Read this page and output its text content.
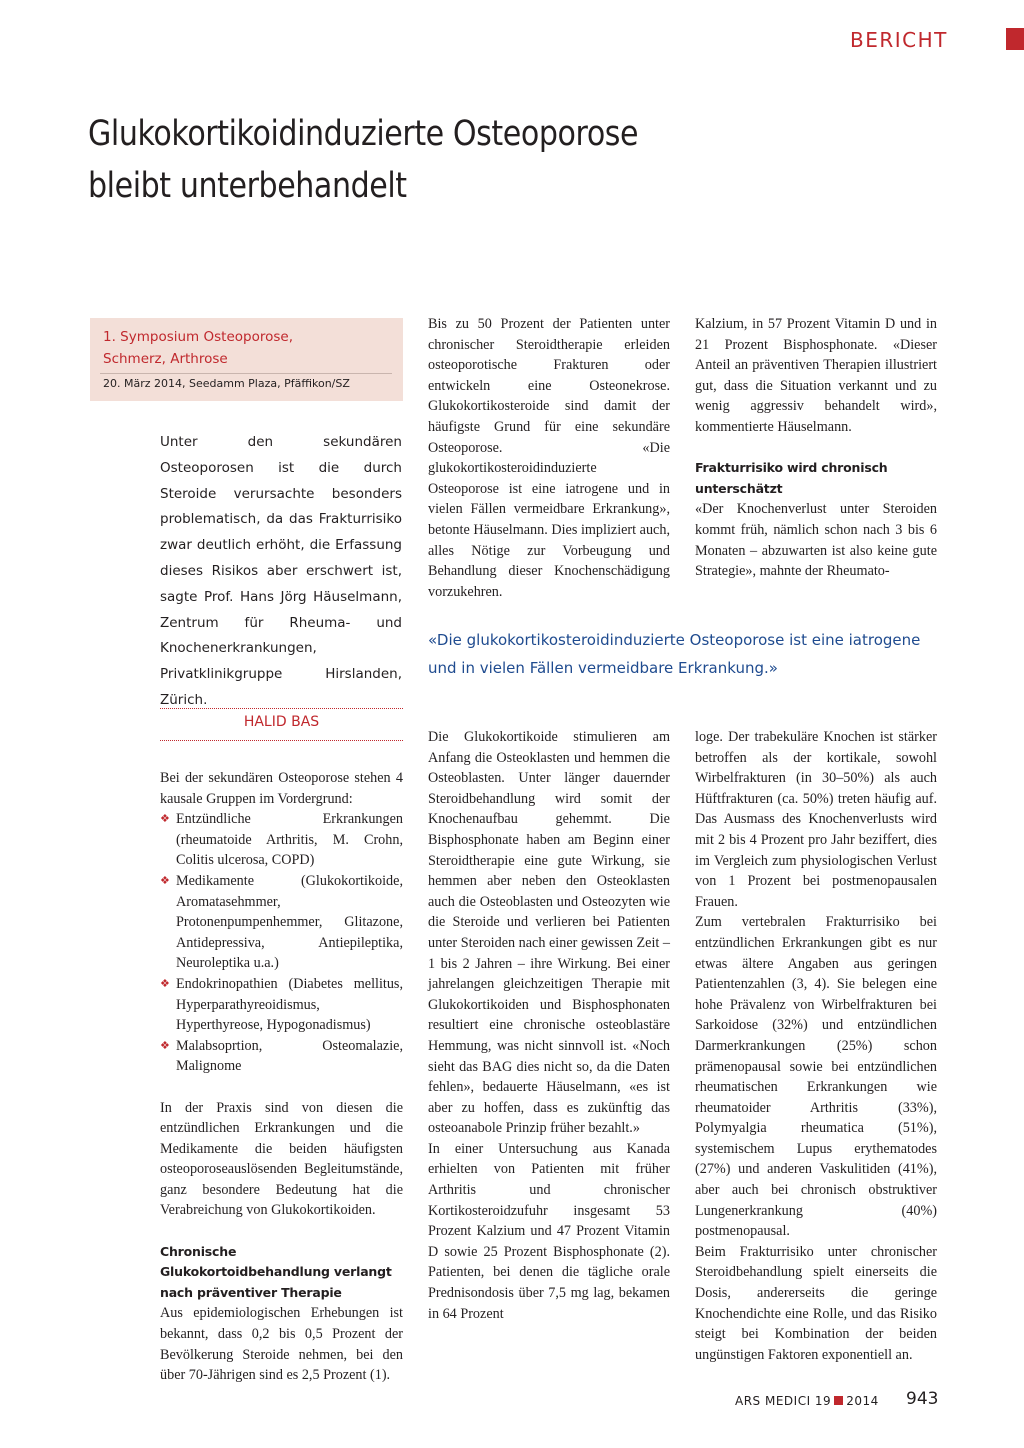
BERICHT
Glukokortikoidinduzierte Osteoporose
bleibt unterbehandelt
1. Symposium Osteoporose, Schmerz, Arthrose
20. März 2014, Seedamm Plaza, Pfäffikon/SZ
Unter den sekundären Osteoporosen ist die durch Steroide verursachte besonders problematisch, da das Frakturrisiko zwar deutlich erhöht, die Erfassung dieses Risikos aber erschwert ist, sagte Prof. Hans Jörg Häuselmann, Zentrum für Rheuma- und Knochenerkrankungen, Privatklinikgruppe Hirslanden, Zürich.
HALID BAS

Bei der sekundären Osteoporose stehen 4 kausale Gruppen im Vordergrund:

❖ Entzündliche Erkrankungen (rheumatoide Arthritis, M. Crohn, Colitis ulcerosa, COPD)
❖ Medikamente (Glukokortikoide, Aromatasehmmer, Protonenpumpenhemmer, Glitazone, Antidepressiva, Antiepileptika, Neuroleptika u.a.)
❖ Endokrinopathien (Diabetes mellitus, Hyperparathyreoidismus, Hyperthyreose, Hypogonadismus)
❖ Malabsoprtion, Osteomalazie, Malignome

In der Praxis sind von diesen die entzündlichen Erkrankungen und die Medikamente die beiden häufigsten osteoporoseauslösenden Begleitumstände, ganz besondere Bedeutung hat die Verabreichung von Glukokortikoiden.

Chronische Glukokortoidbehandlung verlangt nach präventiver Therapie

Aus epidemiologischen Erhebungen ist bekannt, dass 0,2 bis 0,5 Prozent der Bevölkerung Steroide nehmen, bei den über 70-Jährigen sind es 2,5 Prozent (1).

Bis zu 50 Prozent der Patienten unter chronischer Steroidtherapie erleiden osteoporotische Frakturen oder entwickeln eine Osteonekrose. Glukokortikosteroide sind damit der häufigste Grund für eine sekundäre Osteoporose. «Die glukokortikosteroidinduzierte Osteoporose ist eine iatrogene und in vielen Fällen vermeidbare Erkrankung», betonte Häuselmann. Dies impliziert auch, alles Nötige zur Vorbeugung und Behandlung dieser Knochenschädigung vorzukehren.

Kalzium, in 57 Prozent Vitamin D und in 21 Prozent Bisphosphonate. «Dieser Anteil an präventiven Therapien illustriert gut, dass die Situation verkannt und zu wenig aggressiv behandelt wird», kommentierte Häuselmann.

Frakturrisiko wird chronisch unterschätzt

«Der Knochenverlust unter Steroiden kommt früh, nämlich schon nach 3 bis 6 Monaten – abzuwarten ist also keine gute Strategie», mahnte der Rheumato-

«Die glukokortikosteroidinduzierte Osteoporose ist eine iatrogene und in vielen Fällen vermeidbare Erkrankung.»

Die Glukokortikoide stimulieren am Anfang die Osteoklasten und hemmen die Osteoblasten. Unter länger dauernder Steroidbehandlung wird somit der Knochenaufbau gehemmt. Die Bisphosphonate haben am Beginn einer Steroidtherapie eine gute Wirkung, sie hemmen aber neben den Osteoklasten auch die Osteoblasten und Osteozyten wie die Steroide und verlieren bei Patienten unter Steroiden nach einer gewissen Zeit – 1 bis 2 Jahren – ihre Wirkung. Bei einer jahrelangen gleichzeitigen Therapie mit Glukokortikoiden und Bisphosphonaten resultiert eine chronische osteoblastäre Hemmung, was nicht sinnvoll ist. «Noch sieht das BAG dies nicht so, da die Daten fehlen», bedauerte Häuselmann, «es ist aber zu hoffen, dass es zukünftig das osteoanabole Prinzip früher bezahlt.»

In einer Untersuchung aus Kanada erhielten von Patienten mit früher Arthritis und chronischer Kortikosteroidzufuhr insgesamt 53 Prozent Kalzium und 47 Prozent Vitamin D sowie 25 Prozent Bisphosphonate (2). Patienten, bei denen die tägliche orale Prednisondosis über 7,5 mg lag, bekamen in 64 Prozent

loge. Der trabekuläre Knochen ist stärker betroffen als der kortikale, sowohl Wirbelfrakturen (in 30–50%) als auch Hüftfrakturen (ca. 50%) treten häufig auf. Das Ausmass des Knochenverlusts wird mit 2 bis 4 Prozent pro Jahr beziffert, dies im Vergleich zum physiologischen Verlust von 1 Prozent bei postmenopausalen Frauen.

Zum vertebralen Frakturrisiko bei entzündlichen Erkrankungen gibt es nur etwas ältere Angaben aus geringen Patientenzahlen (3, 4). Sie belegen eine hohe Prävalenz von Wirbelfrakturen bei Sarkoidose (32%) und entzündlichen Darmerkrankungen (25%) schon prämenopausal sowie bei entzündlichen rheumatischen Erkrankungen wie rheumatoider Arthritis (33%), Polymyalgia rheumatica (51%), systemischem Lupus erythematodes (27%) und anderen Vaskulitiden (41%), aber auch bei chronisch obstruktiver Lungenerkrankung (40%) postmenopausal.

Beim Frakturrisiko unter chronischer Steroidbehandlung spielt einerseits die Dosis, andererseits die geringe Knochendichte eine Rolle, und das Risiko steigt bei Kombination der beiden ungünstigen Faktoren exponentiell an.

ARS MEDICI 19 2014 943
